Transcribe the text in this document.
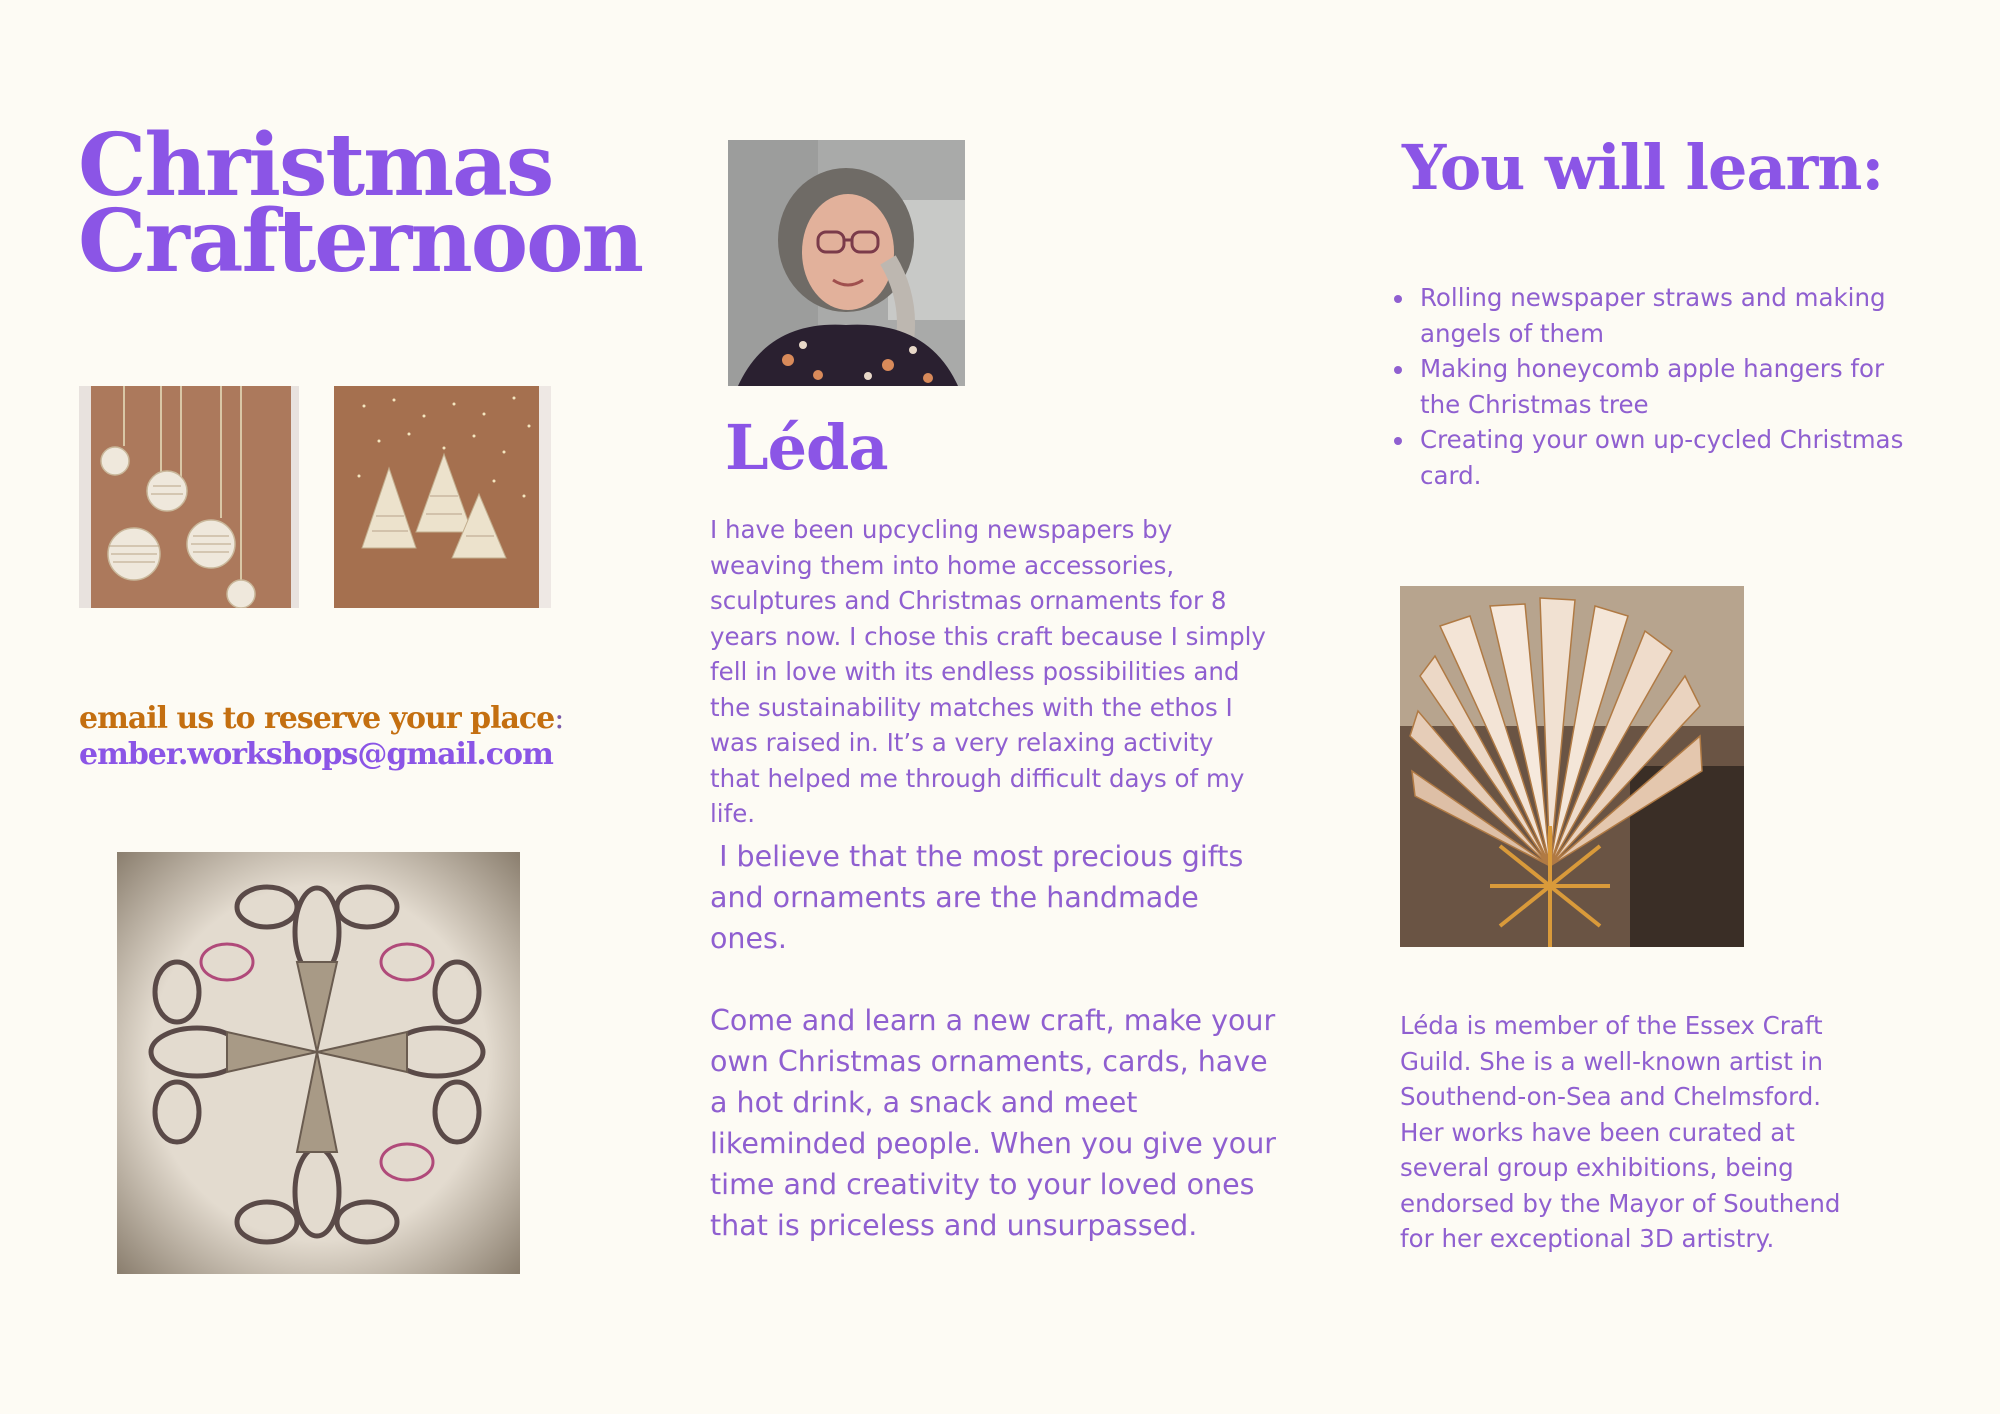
Christmas
Crafternoon
email us to reserve your place:
ember.workshops@gmail.com
Léda
I have been upcycling newspapers by weaving them into home accessories, sculptures and Christmas ornaments for 8 years now. I chose this craft because I simply fell in love with its endless possibilities and the sustainability matches with the ethos I was raised in. It’s a very relaxing activity that helped me through difficult days of my life.
I believe that the most precious gifts and ornaments are the handmade ones.
Come and learn a new craft, make your own Christmas ornaments, cards, have a hot drink, a snack and meet likeminded people. When you give your time and creativity to your loved ones that is priceless and unsurpassed.
You will learn:
• Rolling newspaper straws and making angels of them
• Making honeycomb apple hangers for the Christmas tree
• Creating your own up-cycled Christmas card.
Léda is member of the Essex Craft Guild. She is a well-known artist in Southend-on-Sea and Chelmsford. Her works have been curated at several group exhibitions, being endorsed by the Mayor of Southend for her exceptional 3D artistry.
